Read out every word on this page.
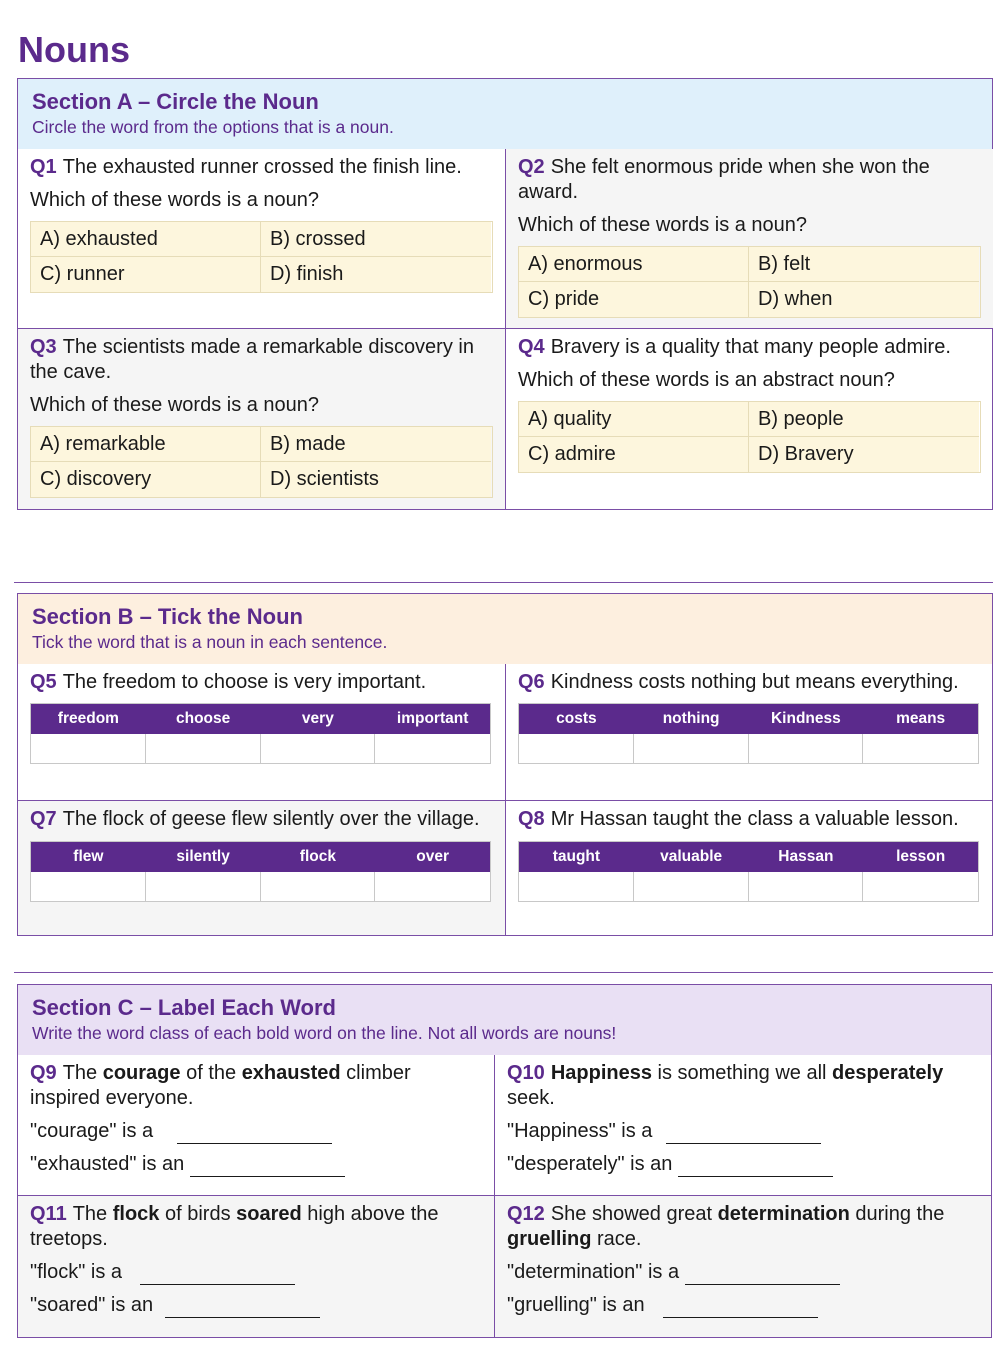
Nouns
Section A – Circle the Noun
Circle the word from the options that is a noun.
Q1 The exhausted runner crossed the finish line.
Which of these words is a noun?
A) exhausted	B) crossed
C) runner	D) finish
Q2 She felt enormous pride when she won the award.
Which of these words is a noun?
A) enormous	B) felt
C) pride	D) when
Q3 The scientists made a remarkable discovery in the cave.
Which of these words is a noun?
A) remarkable	B) made
C) discovery	D) scientists
Q4 Bravery is a quality that many people admire.
Which of these words is an abstract noun?
A) quality	B) people
C) admire	D) Bravery
Section B – Tick the Noun
Tick the word that is a noun in each sentence.
Q5 The freedom to choose is very important.
freedom	choose	very	important
Q6 Kindness costs nothing but means everything.
costs	nothing	Kindness	means
Q7 The flock of geese flew silently over the village.
flew	silently	flock	over
Q8 Mr Hassan taught the class a valuable lesson.
taught	valuable	Hassan	lesson
Section C – Label Each Word
Write the word class of each bold word on the line. Not all words are nouns!
Q9 The courage of the exhausted climber inspired everyone.
"courage" is a
"exhausted" is an
Q10 Happiness is something we all desperately seek.
"Happiness" is a
"desperately" is an
Q11 The flock of birds soared high above the treetops.
"flock" is a
"soared" is an
Q12 She showed great determination during the gruelling race.
"determination" is a
"gruelling" is an
